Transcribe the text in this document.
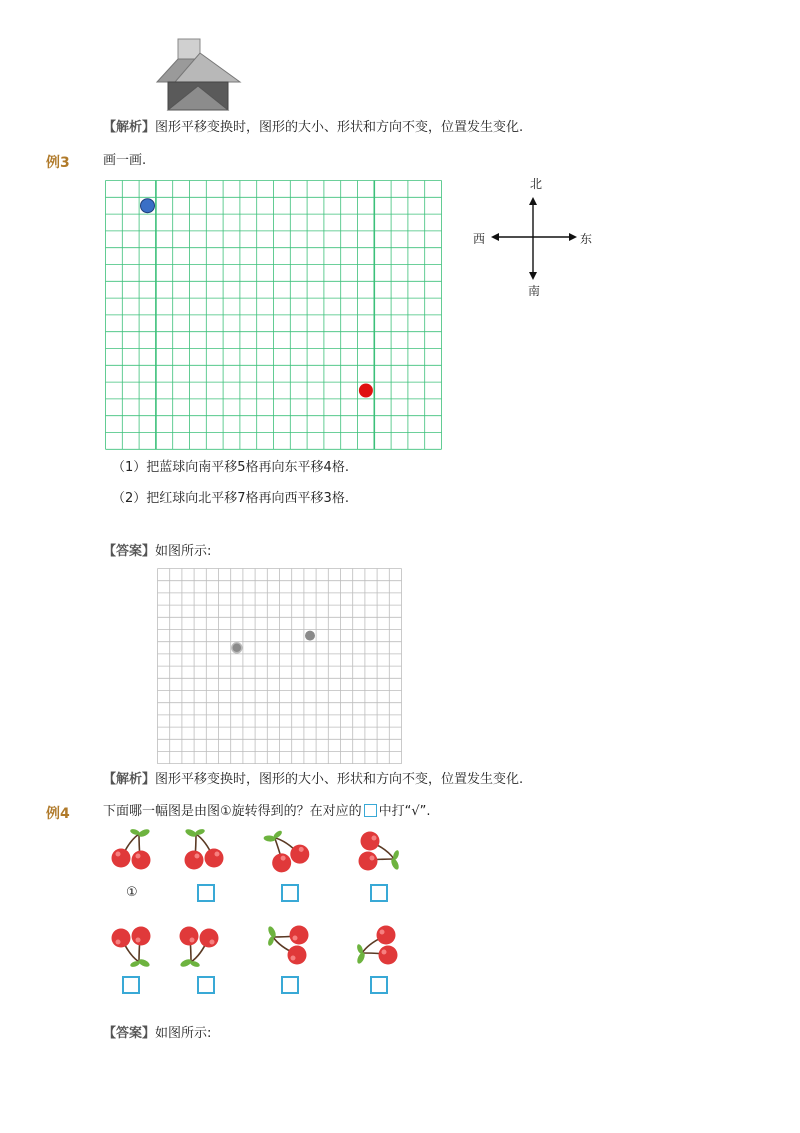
【解析】图形平移变换时，图形的大小、形状和方向不变，位置发生变化.
例3	画一画.
北
南
东
西
（1）把蓝球向南平移5格再向东平移4格.
（2）把红球向北平移7格再向西平移3格.
【答案】如图所示:
【解析】图形平移变换时，图形的大小、形状和方向不变，位置发生变化.
例4	下面哪一幅图是由图①旋转得到的？在对应的 中打“√”.
①
【答案】如图所示:
